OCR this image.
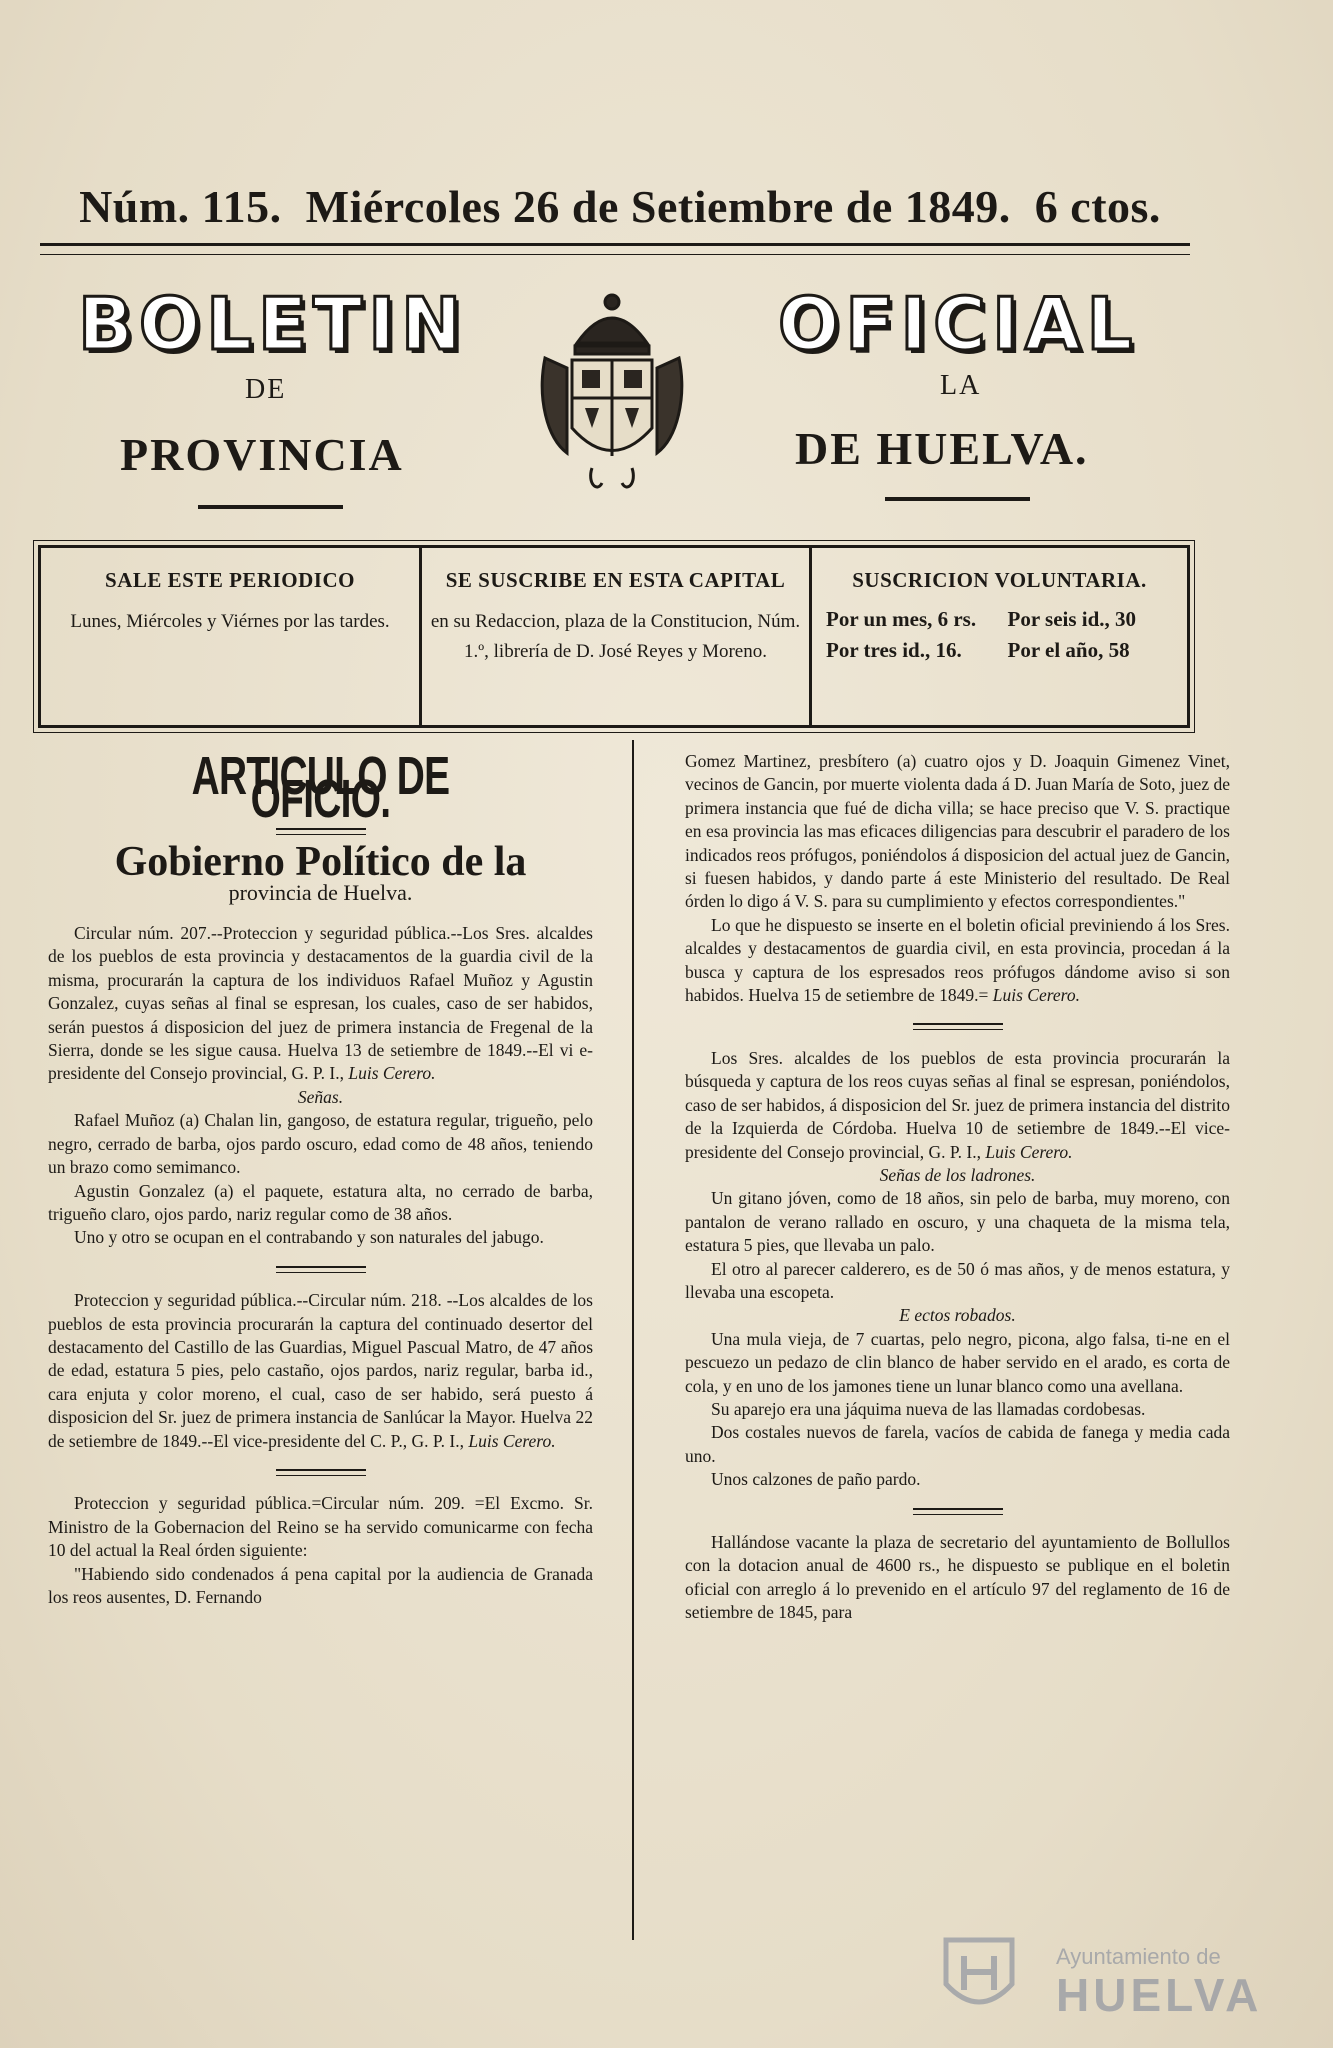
Núm. 115. Miércoles 26 de Setiembre de 1849. 6 ctos.
BOLETIN	OFICIAL
DE	LA
PROVINCIA	DE HUELVA.
SALE ESTE PERIODICO
Lunes, Miércoles y Viérnes por las tardes.
SE SUSCRIBE EN ESTA CAPITAL
en su Redaccion, plaza de la Constitucion, Núm. 1.º, librería de D. José Reyes y Moreno.
SUSCRICION VOLUNTARIA.
Por un mes, 6 rs.	Por seis id., 30
Por tres id., 16.	Por el año, 58
ARTICULO DE OFICIO.
Gobierno Político de la
provincia de Huelva.

Circular núm. 207.--Proteccion y seguridad pública.--Los Sres. alcaldes de los pueblos de esta provincia y destacamentos de la guardia civil de la misma, procurarán la captura de los individuos Rafael Muñoz y Agustin Gonzalez, cuyas señas al final se espresan, los cuales, caso de ser habidos, serán puestos á disposicion del juez de primera instancia de Fregenal de la Sierra, donde se les sigue causa. Huelva 13 de setiembre de 1849.--El vi e-presidente del Consejo provincial, G. P. I., Luis Cerero.

Señas.

Rafael Muñoz (a) Chalan lin, gangoso, de estatura regular, trigueño, pelo negro, cerrado de barba, ojos pardo oscuro, edad como de 48 años, teniendo un brazo como semimanco.

Agustin Gonzalez (a) el paquete, estatura alta, no cerrado de barba, trigueño claro, ojos pardo, nariz regular como de 38 años.

Uno y otro se ocupan en el contrabando y son naturales del jabugo.

Proteccion y seguridad pública.--Circular núm. 218. --Los alcaldes de los pueblos de esta provincia procurarán la captura del continuado desertor del destacamento del Castillo de las Guardias, Miguel Pascual Matro, de 47 años de edad, estatura 5 pies, pelo castaño, ojos pardos, nariz regular, barba id., cara enjuta y color moreno, el cual, caso de ser habido, será puesto á disposicion del Sr. juez de primera instancia de Sanlúcar la Mayor. Huelva 22 de setiembre de 1849.--El vice-presidente del C. P., G. P. I., Luis Cerero.

Proteccion y seguridad pública.=Circular núm. 209. =El Excmo. Sr. Ministro de la Gobernacion del Reino se ha servido comunicarme con fecha 10 del actual la Real órden siguiente:

"Habiendo sido condenados á pena capital por la audiencia de Granada los reos ausentes, D. Fernando

Gomez Martinez, presbítero (a) cuatro ojos y D. Joaquin Gimenez Vinet, vecinos de Gancin, por muerte violenta dada á D. Juan María de Soto, juez de primera instancia que fué de dicha villa; se hace preciso que V. S. practique en esa provincia las mas eficaces diligencias para descubrir el paradero de los indicados reos prófugos, poniéndolos á disposicion del actual juez de Gancin, si fuesen habidos, y dando parte á este Ministerio del resultado. De Real órden lo digo á V. S. para su cumplimiento y efectos correspondientes."

Lo que he dispuesto se inserte en el boletin oficial previniendo á los Sres. alcaldes y destacamentos de guardia civil, en esta provincia, procedan á la busca y captura de los espresados reos prófugos dándome aviso si son habidos. Huelva 15 de setiembre de 1849.= Luis Cerero.

Los Sres. alcaldes de los pueblos de esta provincia procurarán la búsqueda y captura de los reos cuyas señas al final se espresan, poniéndolos, caso de ser habidos, á disposicion del Sr. juez de primera instancia del distrito de la Izquierda de Córdoba. Huelva 10 de setiembre de 1849.--El vice-presidente del Consejo provincial, G. P. I., Luis Cerero.

Señas de los ladrones.

Un gitano jóven, como de 18 años, sin pelo de barba, muy moreno, con pantalon de verano rallado en oscuro, y una chaqueta de la misma tela, estatura 5 pies, que llevaba un palo.

El otro al parecer calderero, es de 50 ó mas años, y de menos estatura, y llevaba una escopeta.

E ectos robados.

Una mula vieja, de 7 cuartas, pelo negro, picona, algo falsa, ti-ne en el pescuezo un pedazo de clin blanco de haber servido en el arado, es corta de cola, y en uno de los jamones tiene un lunar blanco como una avellana.

Su aparejo era una jáquima nueva de las llamadas cordobesas.

Dos costales nuevos de farela, vacíos de cabida de fanega y media cada uno.

Unos calzones de paño pardo.

Hallándose vacante la plaza de secretario del ayuntamiento de Bollullos con la dotacion anual de 4600 rs., he dispuesto se publique en el boletin oficial con arreglo á lo prevenido en el artículo 97 del reglamento de 16 de setiembre de 1845, para

Ayuntamiento de
HUELVA
